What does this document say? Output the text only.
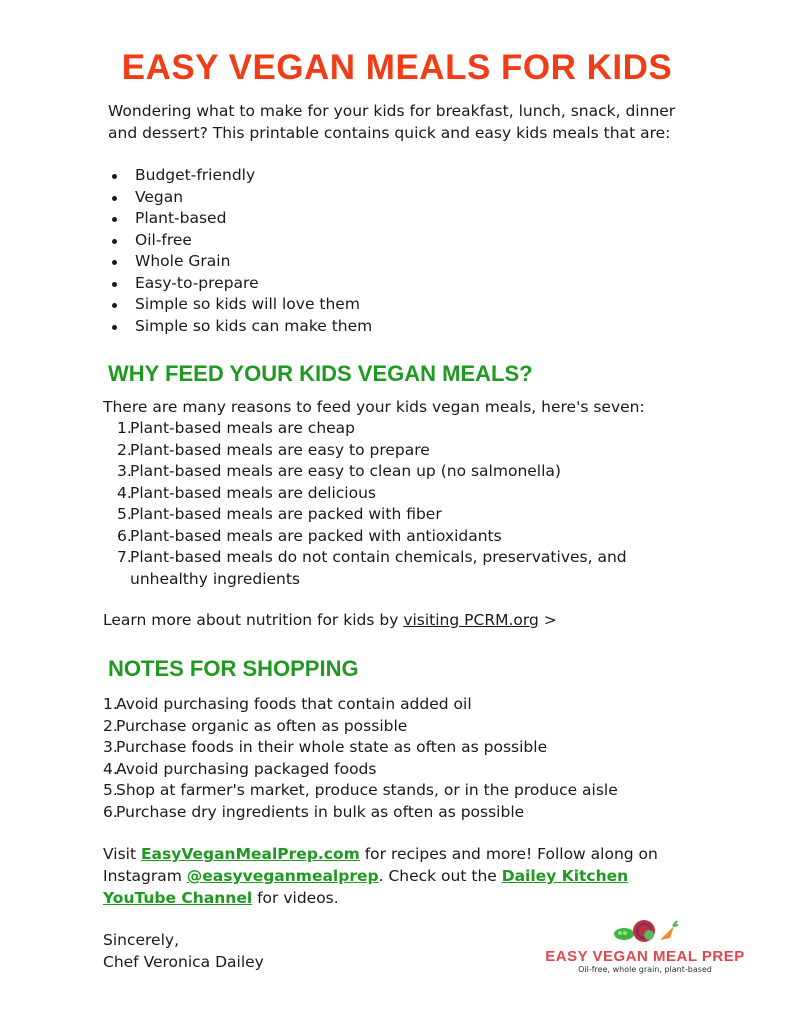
EASY VEGAN MEALS FOR KIDS
Wondering what to make for your kids for breakfast, lunch, snack, dinner and dessert? This printable contains quick and easy kids meals that are:
Budget-friendly
Vegan
Plant-based
Oil-free
Whole Grain
Easy-to-prepare
Simple so kids will love them
Simple so kids can make them
WHY FEED YOUR KIDS VEGAN MEALS?
There are many reasons to feed your kids vegan meals, here's seven:
1.
Plant-based meals are cheap
2.
Plant-based meals are easy to prepare
3.
Plant-based meals are easy to clean up (no salmonella)
4.
Plant-based meals are delicious
5.
Plant-based meals are packed with fiber
6.
Plant-based meals are packed with antioxidants
7.
Plant-based meals do not contain chemicals, preservatives, and unhealthy ingredients
Learn more about nutrition for kids by visiting PCRM.org >
NOTES FOR SHOPPING
1.
Avoid purchasing foods that contain added oil
2.
Purchase organic as often as possible
3.
Purchase foods in their whole state as often as possible
4.
Avoid purchasing packaged foods
5.
Shop at farmer's market, produce stands, or in the produce aisle
6.
Purchase dry ingredients in bulk as often as possible
Visit EasyVeganMealPrep.com for recipes and more! Follow along on Instagram @easyveganmealprep. Check out the Dailey Kitchen YouTube Channel for videos.
Sincerely,
Chef Veronica Dailey	EASY VEGAN MEAL PREP
Oil-free, whole grain, plant-based
